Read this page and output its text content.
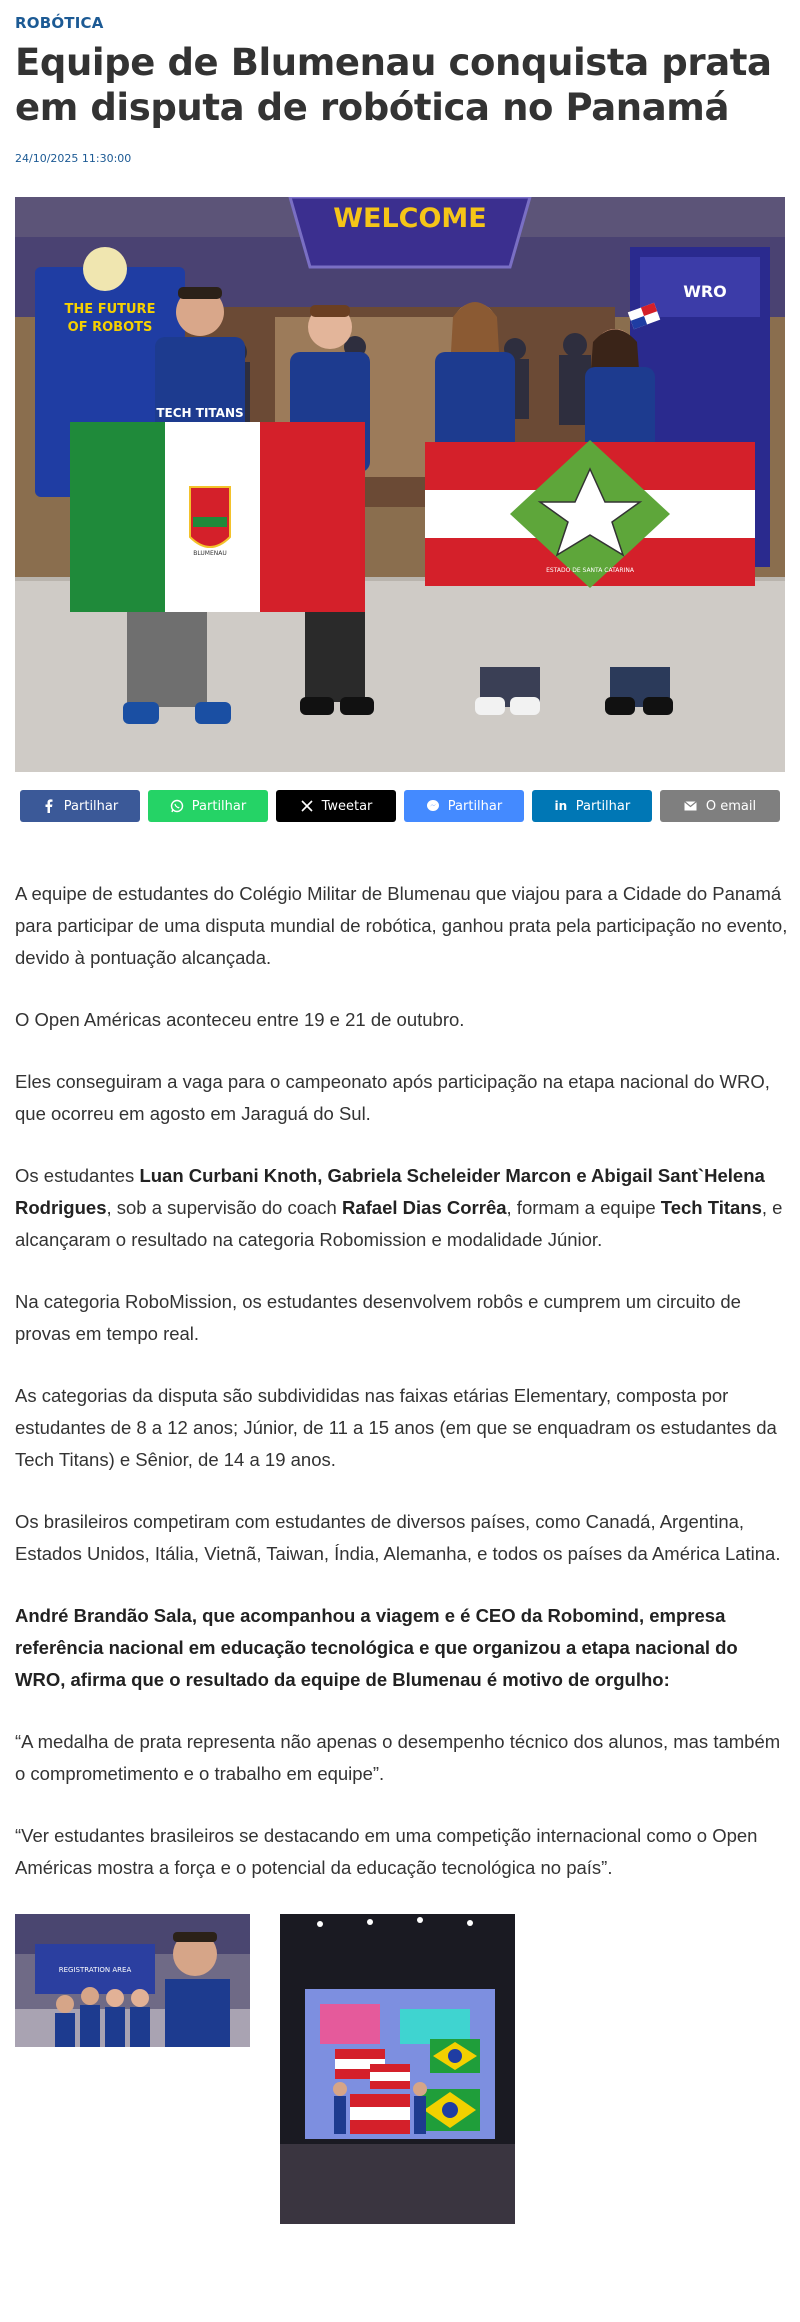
ROBÓTICA
Equipe de Blumenau conquista prata em disputa de robótica no Panamá
24/10/2025 11:30:00
WELCOME
THE FUTURE
OF ROBOTS
WRO
TECH TITANS
BLUMENAU
ESTADO DE SANTA CATARINA
Partilhar	Partilhar	Tweetar	Partilhar	in Partilhar	O email

A equipe de estudantes do Colégio Militar de Blumenau que viajou para a Cidade do Panamá para participar de uma disputa mundial de robótica, ganhou prata pela participação no evento, devido à pontuação alcançada.

O Open Américas aconteceu entre 19 e 21 de outubro.

Eles conseguiram a vaga para o campeonato após participação na etapa nacional do WRO, que ocorreu em agosto em Jaraguá do Sul.

Os estudantes Luan Curbani Knoth, Gabriela Scheleider Marcon e Abigail Sant`Helena Rodrigues, sob a supervisão do coach Rafael Dias Corrêa, formam a equipe Tech Titans, e alcançaram o resultado na categoria Robomission e modalidade Júnior.

Na categoria RoboMission, os estudantes desenvolvem robôs e cumprem um circuito de provas em tempo real.

As categorias da disputa são subdivididas nas faixas etárias Elementary, composta por estudantes de 8 a 12 anos; Júnior, de 11 a 15 anos (em que se enquadram os estudantes da Tech Titans) e Sênior, de 14 a 19 anos.

Os brasileiros competiram com estudantes de diversos países, como Canadá, Argentina, Estados Unidos, Itália, Vietnã, Taiwan, Índia, Alemanha, e todos os países da América Latina.

André Brandão Sala, que acompanhou a viagem e é CEO da Robomind, empresa referência nacional em educação tecnológica e que organizou a etapa nacional do WRO, afirma que o resultado da equipe de Blumenau é motivo de orgulho:

“A medalha de prata representa não apenas o desempenho técnico dos alunos, mas também o comprometimento e o trabalho em equipe”.

“Ver estudantes brasileiros se destacando em uma competição internacional como o Open Américas mostra a força e o potencial da educação tecnológica no país”.

REGISTRATION AREA
